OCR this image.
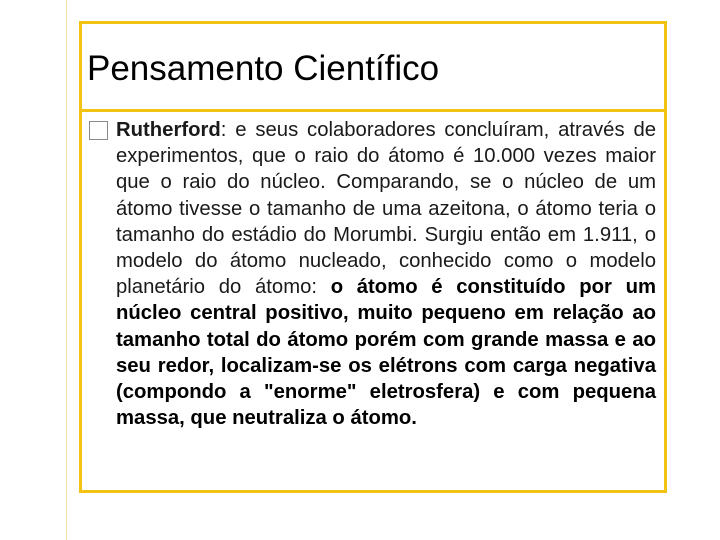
Pensamento Científico

Rutherford: e seus colaboradores concluíram, através de experimentos, que o raio do átomo é 10.000 vezes maior que o raio do núcleo. Comparando, se o núcleo de um átomo tivesse o tamanho de uma azeitona, o átomo teria o tamanho do estádio do Morumbi. Surgiu então em 1.911, o modelo do átomo nucleado, conhecido como o modelo planetário do átomo: o átomo é constituído por um núcleo central positivo, muito pequeno em relação ao tamanho total do átomo porém com grande massa e ao seu redor, localizam-se os elétrons com carga negativa (compondo a "enorme" eletrosfera) e com pequena massa, que neutraliza o átomo.
